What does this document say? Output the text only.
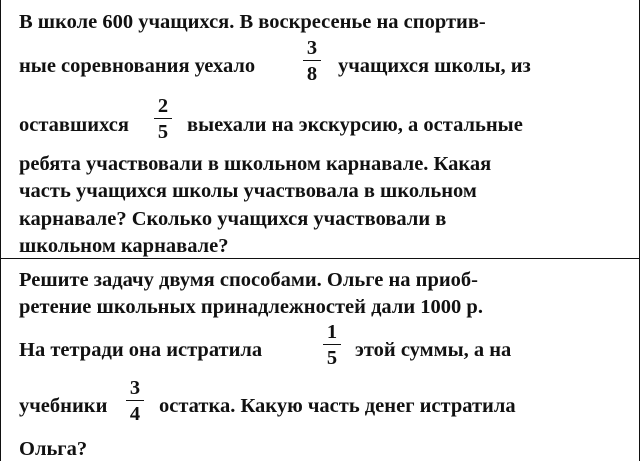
В школе 600 учащихся. В воскресенье на спортив-
ные соревнования уехало
3
8 учащихся школы, из
оставшихся
2
5 выехали на экскурсию, а остальные
ребята участвовали в школьном карнавале. Какая
часть учащихся школы участвовала в школьном
карнавале? Сколько учащихся участвовали в
школьном карнавале?
Решите задачу двумя способами. Ольге на приоб-
ретение школьных принадлежностей дали 1000 р.
На тетради она истратила
1
5 этой суммы, а на
учебники
3
4 остатка. Какую часть денег истратила
Ольга?
